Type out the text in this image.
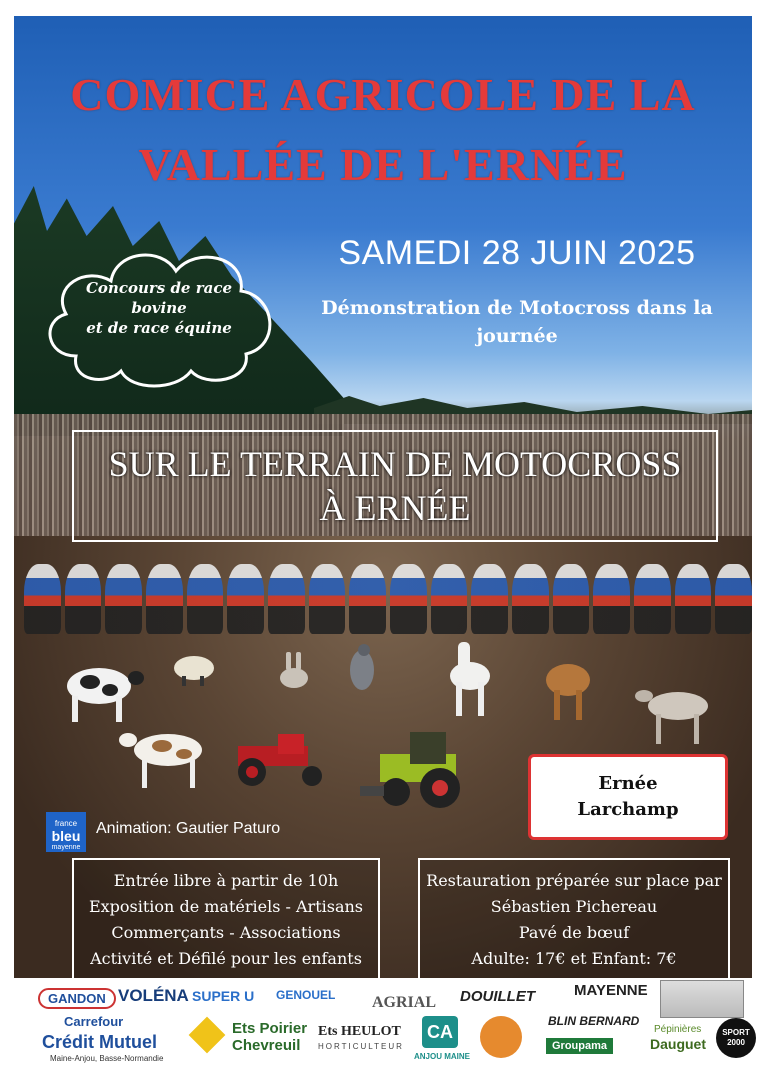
COMICE AGRICOLE DE LA
VALLÉE DE L'ERNÉE
SAMEDI 28 JUIN 2025
Démonstration de Motocross dans la
journée
Concours de race
bovine
et de race équine
SUR LE TERRAIN DE MOTOCROSS
À ERNÉE
Ernée
Larchamp
france
bleu
mayenne
Animation: Gautier Paturo
Entrée libre à partir de 10h
Exposition de matériels - Artisans
Commerçants - Associations
Activité et Défilé pour les enfants
Restauration préparée sur place par
Sébastien Pichereau
Pavé de bœuf
Adulte: 17€ et Enfant: 7€
GANDON VOLÉNA SUPER U GENOUEL AGRIAL DOUILLET	MAYENNE
Carrefour
Crédit Mutuel
Maine-Anjou, Basse-Normandie
Ets Poirier
Chevreuil
Ets HEULOT
HORTICULTEUR
CA
ANJOU MAINE
BLIN BERNARD
Groupama
Pépinières
Dauguet
SPORT 2000
